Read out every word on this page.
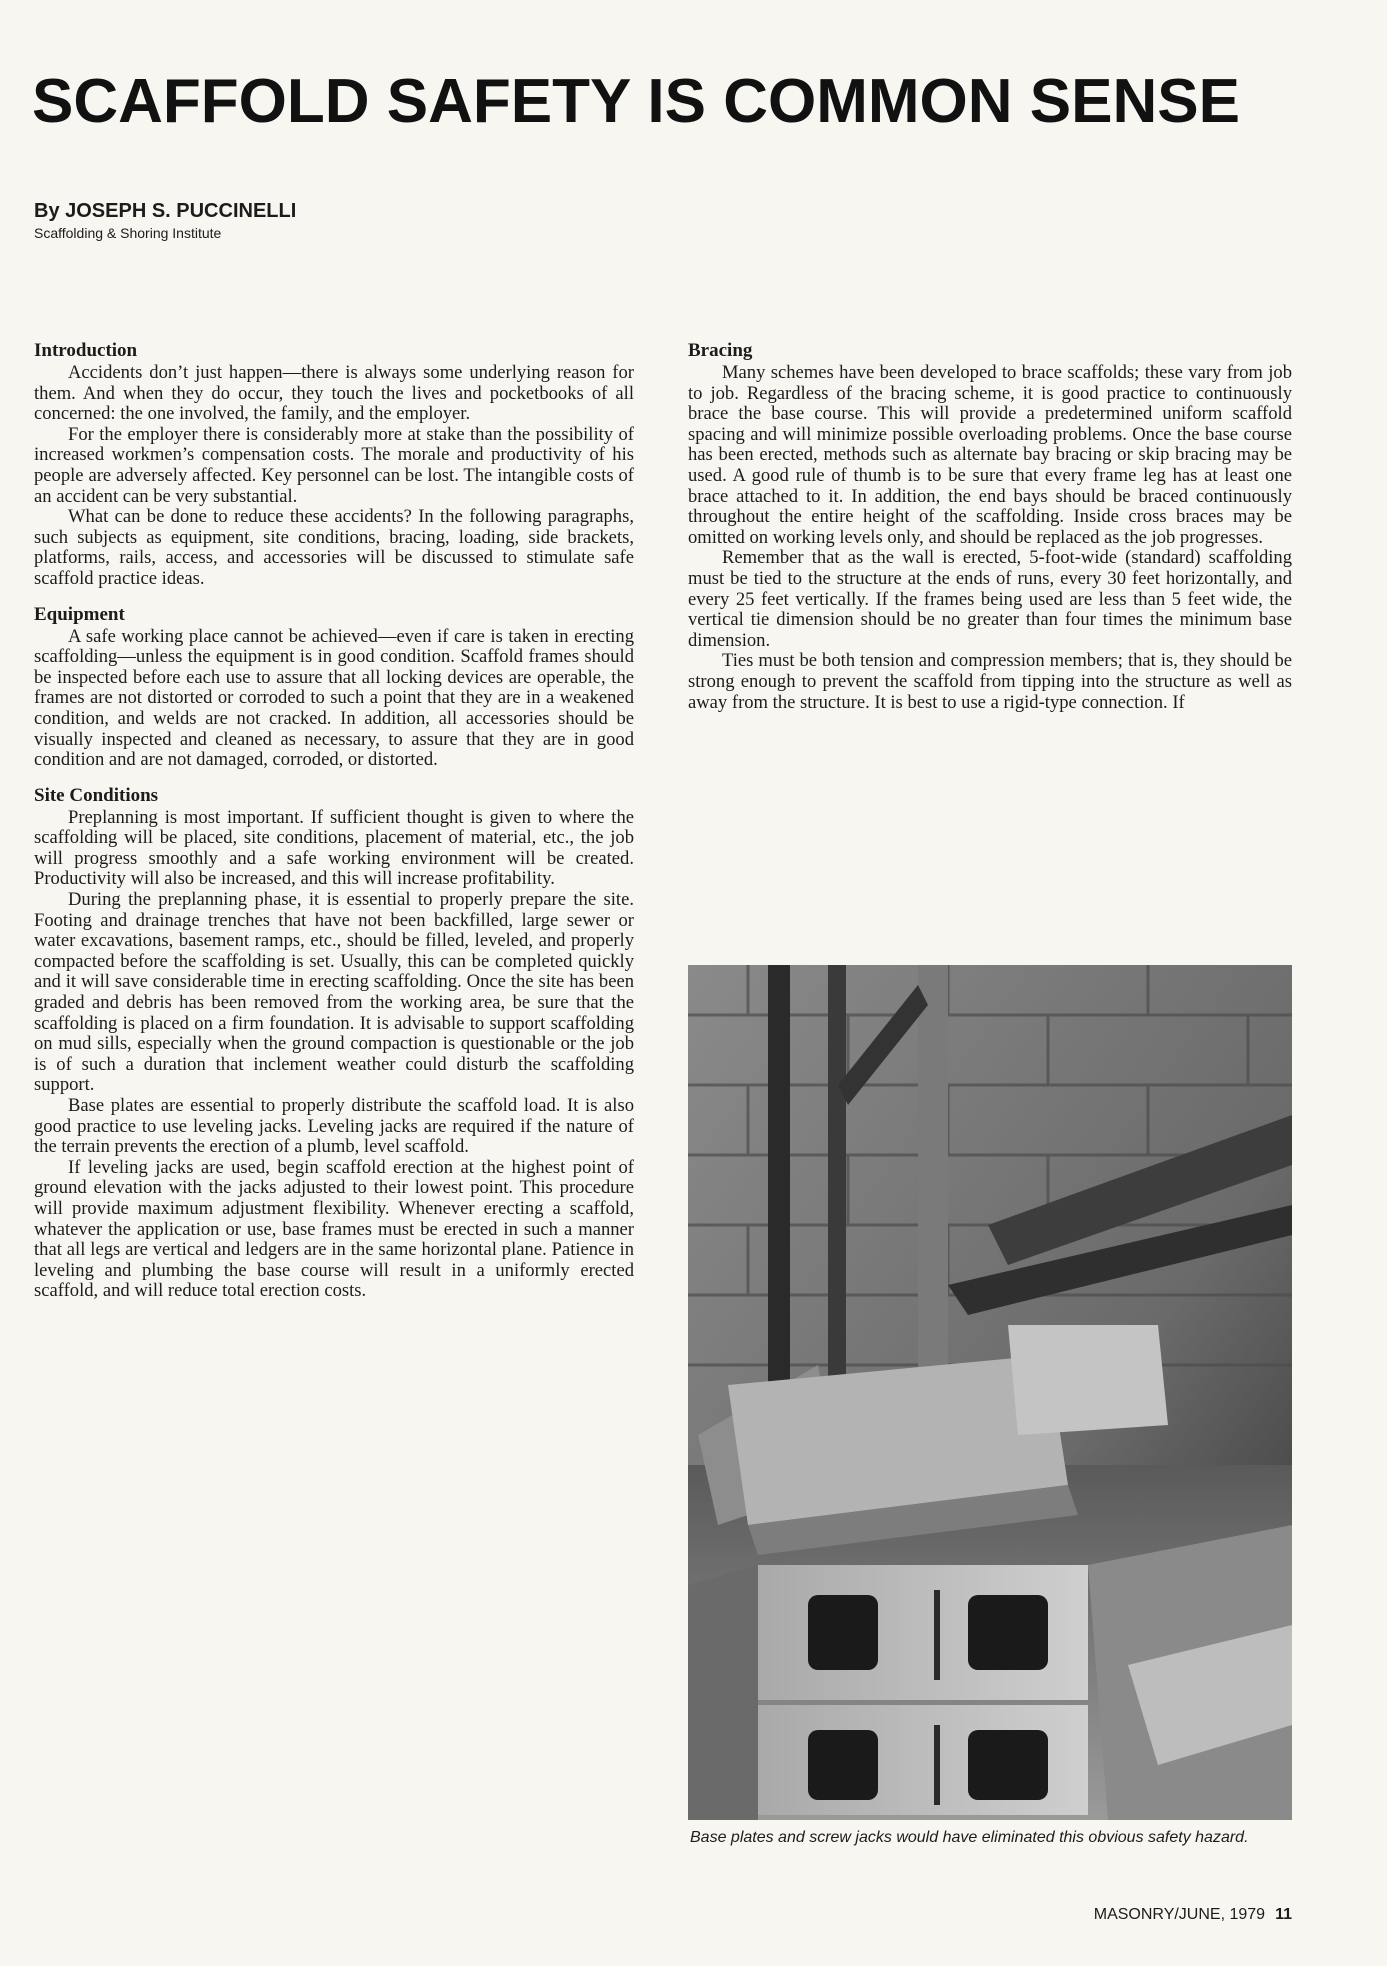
SCAFFOLD SAFETY IS COMMON SENSE
By JOSEPH S. PUCCINELLI
Scaffolding & Shoring Institute
Introduction

Accidents don’t just happen—there is always some underlying reason for them. And when they do occur, they touch the lives and pocketbooks of all concerned: the one involved, the family, and the employer.

For the employer there is considerably more at stake than the possibility of increased workmen’s compensation costs. The morale and productivity of his people are adversely affected. Key personnel can be lost. The intangible costs of an accident can be very substantial.

What can be done to reduce these accidents? In the following paragraphs, such subjects as equipment, site conditions, bracing, loading, side brackets, platforms, rails, access, and accessories will be discussed to stimulate safe scaffold practice ideas.

Equipment

A safe working place cannot be achieved—even if care is taken in erecting scaffolding—unless the equipment is in good condition. Scaffold frames should be inspected before each use to assure that all locking devices are operable, the frames are not distorted or corroded to such a point that they are in a weakened condition, and welds are not cracked. In addition, all accessories should be visually inspected and cleaned as necessary, to assure that they are in good condition and are not damaged, corroded, or distorted.

Site Conditions

Preplanning is most important. If sufficient thought is given to where the scaffolding will be placed, site conditions, placement of material, etc., the job will progress smoothly and a safe working environment will be created. Productivity will also be increased, and this will increase profitability.

During the preplanning phase, it is essential to properly prepare the site. Footing and drainage trenches that have not been backfilled, large sewer or water excavations, basement ramps, etc., should be filled, leveled, and properly compacted before the scaffolding is set. Usually, this can be completed quickly and it will save considerable time in erecting scaffolding. Once the site has been graded and debris has been removed from the working area, be sure that the scaffolding is placed on a firm foundation. It is advisable to support scaffolding on mud sills, especially when the ground compaction is questionable or the job is of such a duration that inclement weather could disturb the scaffolding support.

Base plates are essential to properly distribute the scaffold load. It is also good practice to use leveling jacks. Leveling jacks are required if the nature of the terrain prevents the erection of a plumb, level scaffold.

If leveling jacks are used, begin scaffold erection at the highest point of ground elevation with the jacks adjusted to their lowest point. This procedure will provide maximum adjustment flexibility. Whenever erecting a scaffold, whatever the application or use, base frames must be erected in such a manner that all legs are vertical and ledgers are in the same horizontal plane. Patience in leveling and plumbing the base course will result in a uniformly erected scaffold, and will reduce total erection costs.

Bracing

Many schemes have been developed to brace scaffolds; these vary from job to job. Regardless of the bracing scheme, it is good practice to continuously brace the base course. This will provide a predetermined uniform scaffold spacing and will minimize possible overloading problems. Once the base course has been erected, methods such as alternate bay bracing or skip bracing may be used. A good rule of thumb is to be sure that every frame leg has at least one brace attached to it. In addition, the end bays should be braced continuously throughout the entire height of the scaffolding. Inside cross braces may be omitted on working levels only, and should be replaced as the job progresses.

Remember that as the wall is erected, 5-foot-wide (standard) scaffolding must be tied to the structure at the ends of runs, every 30 feet horizontally, and every 25 feet vertically. If the frames being used are less than 5 feet wide, the vertical tie dimension should be no greater than four times the minimum base dimension.

Ties must be both tension and compression members; that is, they should be strong enough to prevent the scaffold from tipping into the structure as well as away from the structure. It is best to use a rigid-type connection. If

Base plates and screw jacks would have eliminated this obvious safety hazard.
MASONRY/JUNE, 1979 11
